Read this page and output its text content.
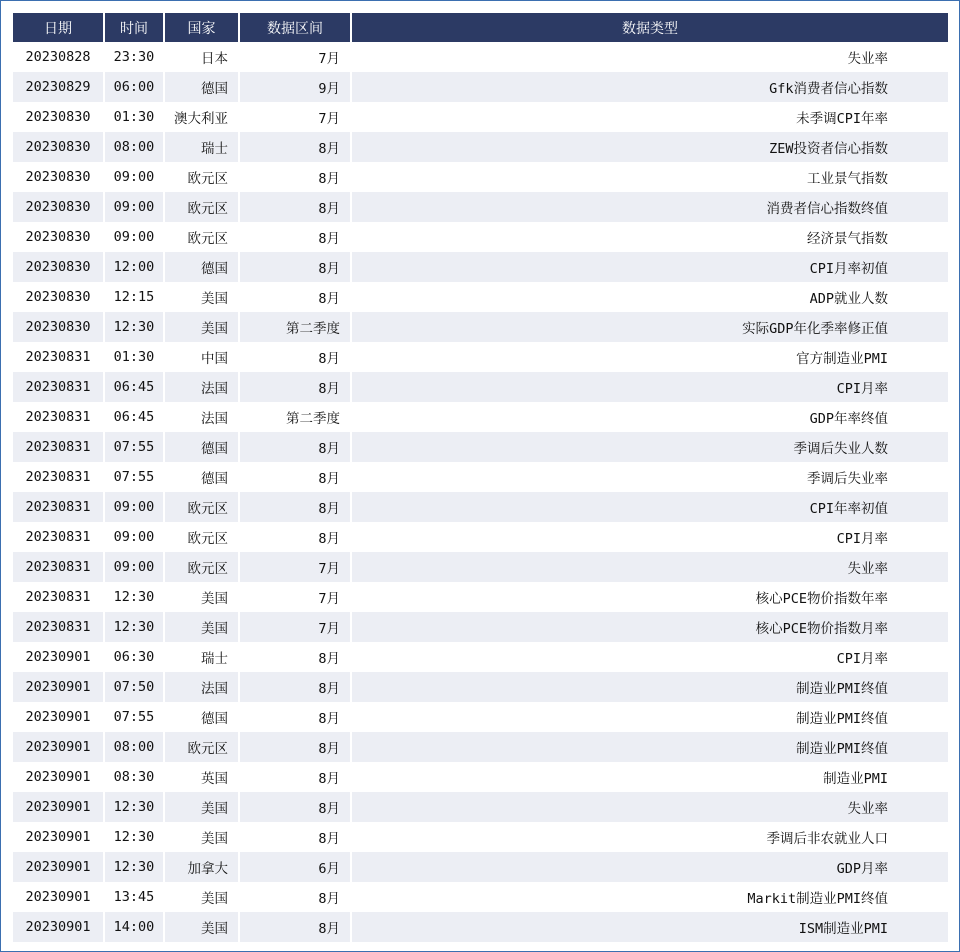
日期	时间	国家	数据区间	数据类型
20230828	23:30	日本	7月	失业率
20230829	06:00	德国	9月	Gfk消费者信心指数
20230830	01:30	澳大利亚	7月	未季调CPI年率
20230830	08:00	瑞士	8月	ZEW投资者信心指数
20230830	09:00	欧元区	8月	工业景气指数
20230830	09:00	欧元区	8月	消费者信心指数终值
20230830	09:00	欧元区	8月	经济景气指数
20230830	12:00	德国	8月	CPI月率初值
20230830	12:15	美国	8月	ADP就业人数
20230830	12:30	美国	第二季度	实际GDP年化季率修正值
20230831	01:30	中国	8月	官方制造业PMI
20230831	06:45	法国	8月	CPI月率
20230831	06:45	法国	第二季度	GDP年率终值
20230831	07:55	德国	8月	季调后失业人数
20230831	07:55	德国	8月	季调后失业率
20230831	09:00	欧元区	8月	CPI年率初值
20230831	09:00	欧元区	8月	CPI月率
20230831	09:00	欧元区	7月	失业率
20230831	12:30	美国	7月	核心PCE物价指数年率
20230831	12:30	美国	7月	核心PCE物价指数月率
20230901	06:30	瑞士	8月	CPI月率
20230901	07:50	法国	8月	制造业PMI终值
20230901	07:55	德国	8月	制造业PMI终值
20230901	08:00	欧元区	8月	制造业PMI终值
20230901	08:30	英国	8月	制造业PMI
20230901	12:30	美国	8月	失业率
20230901	12:30	美国	8月	季调后非农就业人口
20230901	12:30	加拿大	6月	GDP月率
20230901	13:45	美国	8月	Markit制造业PMI终值
20230901	14:00	美国	8月	ISM制造业PMI
